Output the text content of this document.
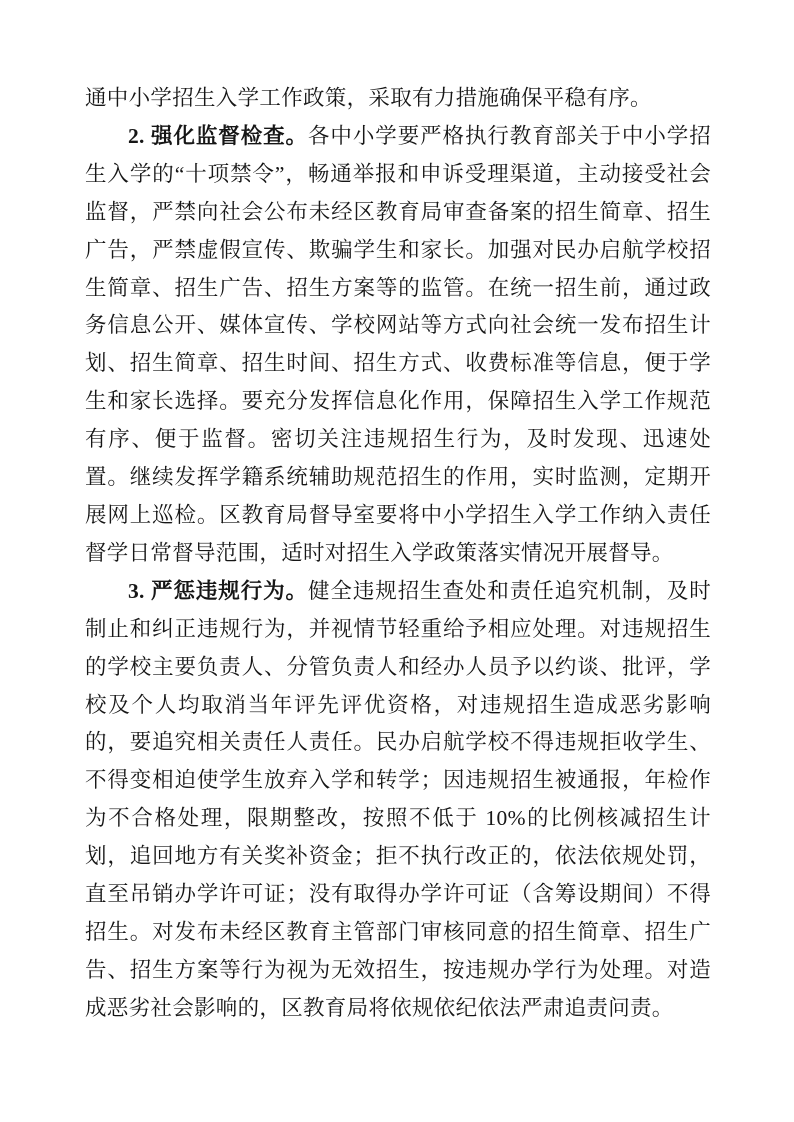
通中小学招生入学工作政策，采取有力措施确保平稳有序。

2. 强化监督检查。各中小学要严格执行教育部关于中小学招生入学的“十项禁令”，畅通举报和申诉受理渠道，主动接受社会监督，严禁向社会公布未经区教育局审查备案的招生简章、招生广告，严禁虚假宣传、欺骗学生和家长。加强对民办启航学校招生简章、招生广告、招生方案等的监管。在统一招生前，通过政务信息公开、媒体宣传、学校网站等方式向社会统一发布招生计划、招生简章、招生时间、招生方式、收费标准等信息，便于学生和家长选择。要充分发挥信息化作用，保障招生入学工作规范有序、便于监督。密切关注违规招生行为，及时发现、迅速处置。继续发挥学籍系统辅助规范招生的作用，实时监测，定期开展网上巡检。区教育局督导室要将中小学招生入学工作纳入责任督学日常督导范围，适时对招生入学政策落实情况开展督导。

3. 严惩违规行为。健全违规招生查处和责任追究机制，及时制止和纠正违规行为，并视情节轻重给予相应处理。对违规招生的学校主要负责人、分管负责人和经办人员予以约谈、批评，学校及个人均取消当年评先评优资格，对违规招生造成恶劣影响的，要追究相关责任人责任。民办启航学校不得违规拒收学生、不得变相迫使学生放弃入学和转学；因违规招生被通报，年检作为不合格处理，限期整改，按照不低于 10%的比例核减招生计划，追回地方有关奖补资金；拒不执行改正的，依法依规处罚，直至吊销办学许可证；没有取得办学许可证（含筹设期间）不得招生。对发布未经区教育主管部门审核同意的招生简章、招生广告、招生方案等行为视为无效招生，按违规办学行为处理。对造成恶劣社会影响的，区教育局将依规依纪依法严肃追责问责。
